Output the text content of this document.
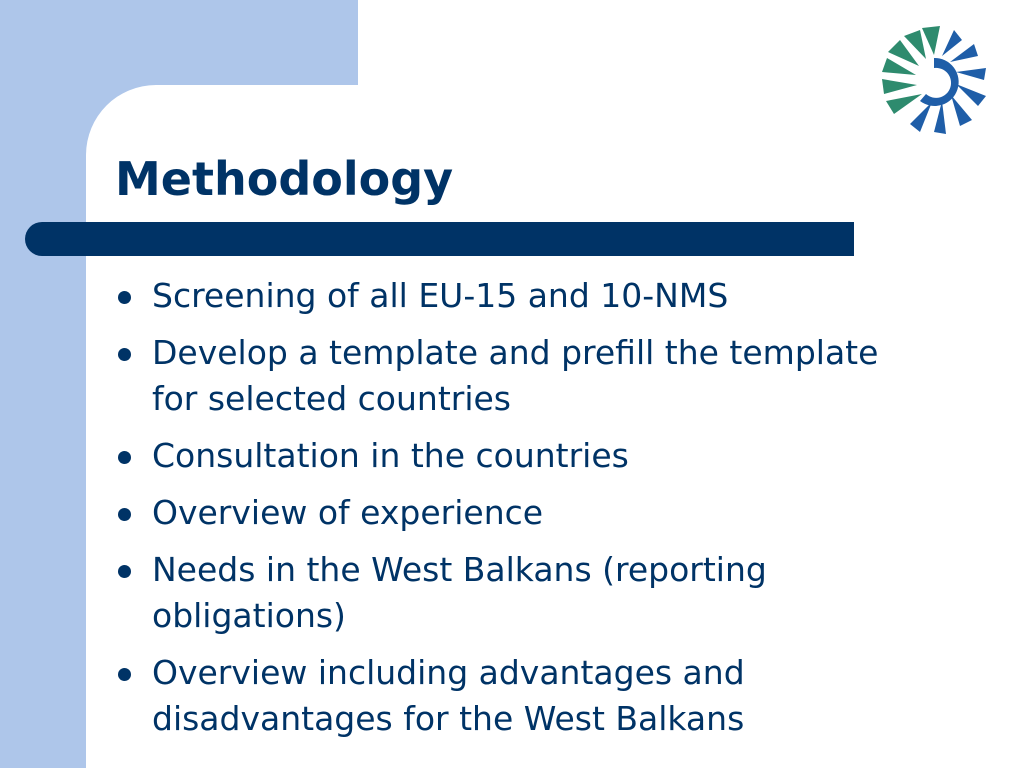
Methodology
Screening of all EU-15 and 10-NMS
Develop a template and prefill the template for selected countries
Consultation in the countries
Overview of experience
Needs in the West Balkans (reporting obligations)
Overview including advantages and disadvantages for the West Balkans
